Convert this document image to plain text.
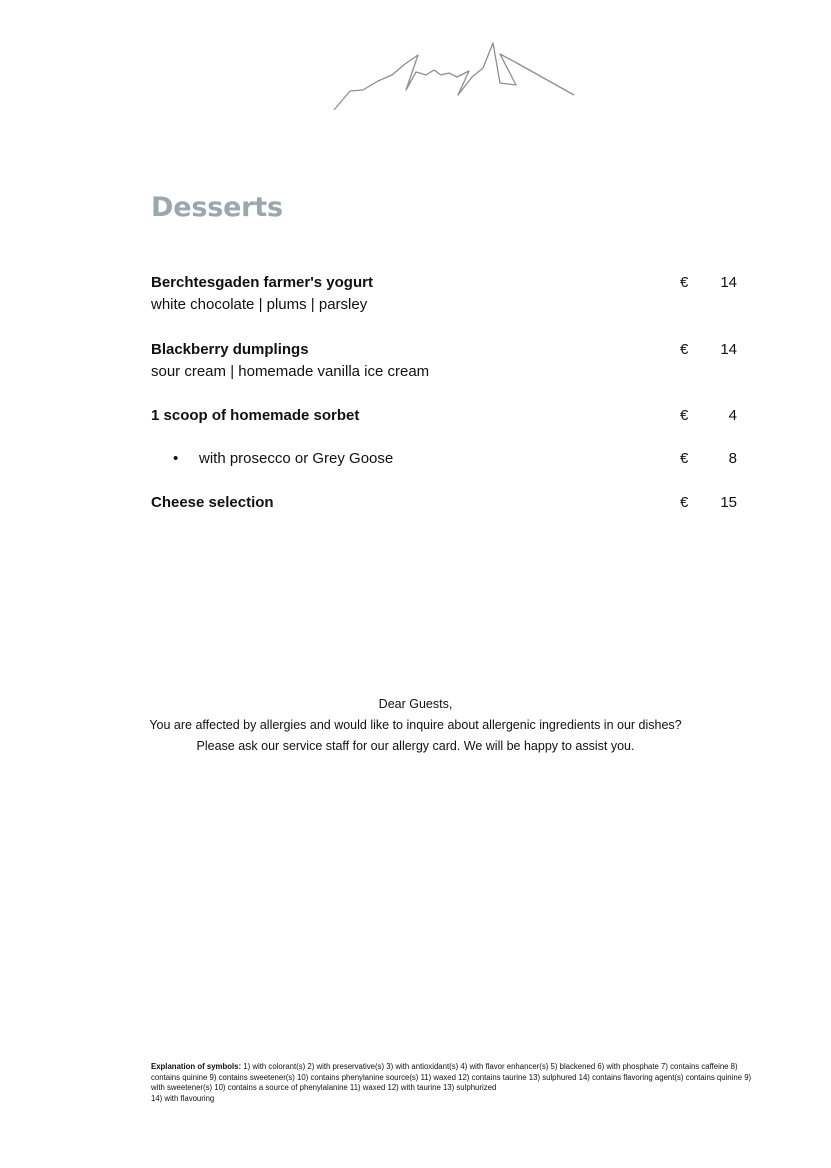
Desserts
Berchtesgaden farmer's yogurt	€ 14
white chocolate | plums | parsley
Blackberry dumplings	€ 14
sour cream | homemade vanilla ice cream
1 scoop of homemade sorbet	€	4
• with prosecco or Grey Goose	€	8
Cheese selection	€ 15
Dear Guests,
You are affected by allergies and would like to inquire about allergenic ingredients in our dishes?
Please ask our service staff for our allergy card. We will be happy to assist you.
Explanation of symbols: 1) with colorant(s) 2) with preservative(s) 3) with antioxidant(s) 4) with flavor enhancer(s) 5) blackened 6) with phosphate 7) contains caffeine 8) contains quinine 9) contains sweetener(s) 10) contains phenylanine source(s) 11) waxed 12) contains taurine 13) sulphured 14) contains flavoring agent(s) contains quinine 9) with sweetener(s) 10) contains a source of phenylalanine 11) waxed 12) with taurine 13) sulphurized
14) with flavouring
